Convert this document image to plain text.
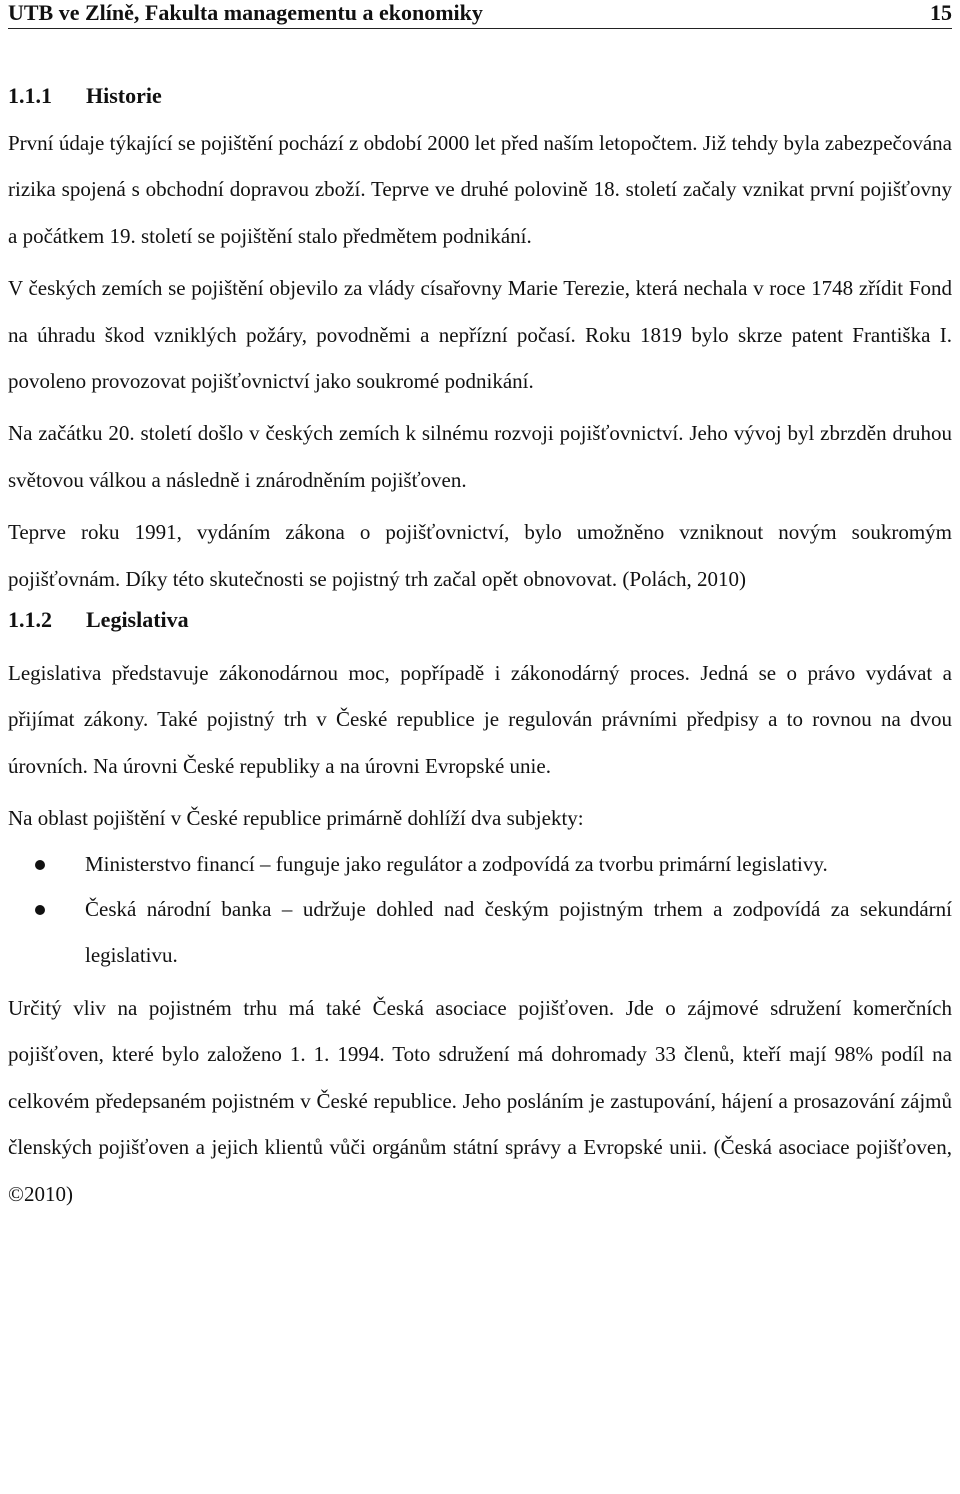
UTB ve Zlíně, Fakulta managementu a ekonomiky	15
1.1.1 Historie

První údaje týkající se pojištění pochází z období 2000 let před naším letopočtem. Již tehdy byla zabezpečována rizika spojená s obchodní dopravou zboží. Teprve ve druhé polovině 18. století začaly vznikat první pojišťovny a počátkem 19. století se pojištění stalo předmětem podnikání.

V českých zemích se pojištění objevilo za vlády císařovny Marie Terezie, která nechala v roce 1748 zřídit Fond na úhradu škod vzniklých požáry, povodněmi a nepřízní počasí. Roku 1819 bylo skrze patent Františka I. povoleno provozovat pojišťovnictví jako soukromé podnikání.

Na začátku 20. století došlo v českých zemích k silnému rozvoji pojišťovnictví. Jeho vývoj byl zbrzděn druhou světovou válkou a následně i znárodněním pojišťoven.

Teprve roku 1991, vydáním zákona o pojišťovnictví, bylo umožněno vzniknout novým soukromým pojišťovnám. Díky této skutečnosti se pojistný trh začal opět obnovovat. (Polách, 2010)

1.1.2 Legislativa

Legislativa představuje zákonodárnou moc, popřípadě i zákonodárný proces. Jedná se o právo vydávat a přijímat zákony. Také pojistný trh v České republice je regulován právními předpisy a to rovnou na dvou úrovních. Na úrovni České republiky a na úrovni Evropské unie.

Na oblast pojištění v České republice primárně dohlíží dva subjekty:

Ministerstvo financí – funguje jako regulátor a zodpovídá za tvorbu primární legislativy.
Česká národní banka – udržuje dohled nad českým pojistným trhem a zodpovídá za sekundární legislativu.

Určitý vliv na pojistném trhu má také Česká asociace pojišťoven. Jde o zájmové sdružení komerčních pojišťoven, které bylo založeno 1. 1. 1994. Toto sdružení má dohromady 33 členů, kteří mají 98% podíl na celkovém předepsaném pojistném v České republice. Jeho posláním je zastupování, hájení a prosazování zájmů členských pojišťoven a jejich klientů vůči orgánům státní správy a Evropské unii. (Česká asociace pojišťoven, ©2010)
